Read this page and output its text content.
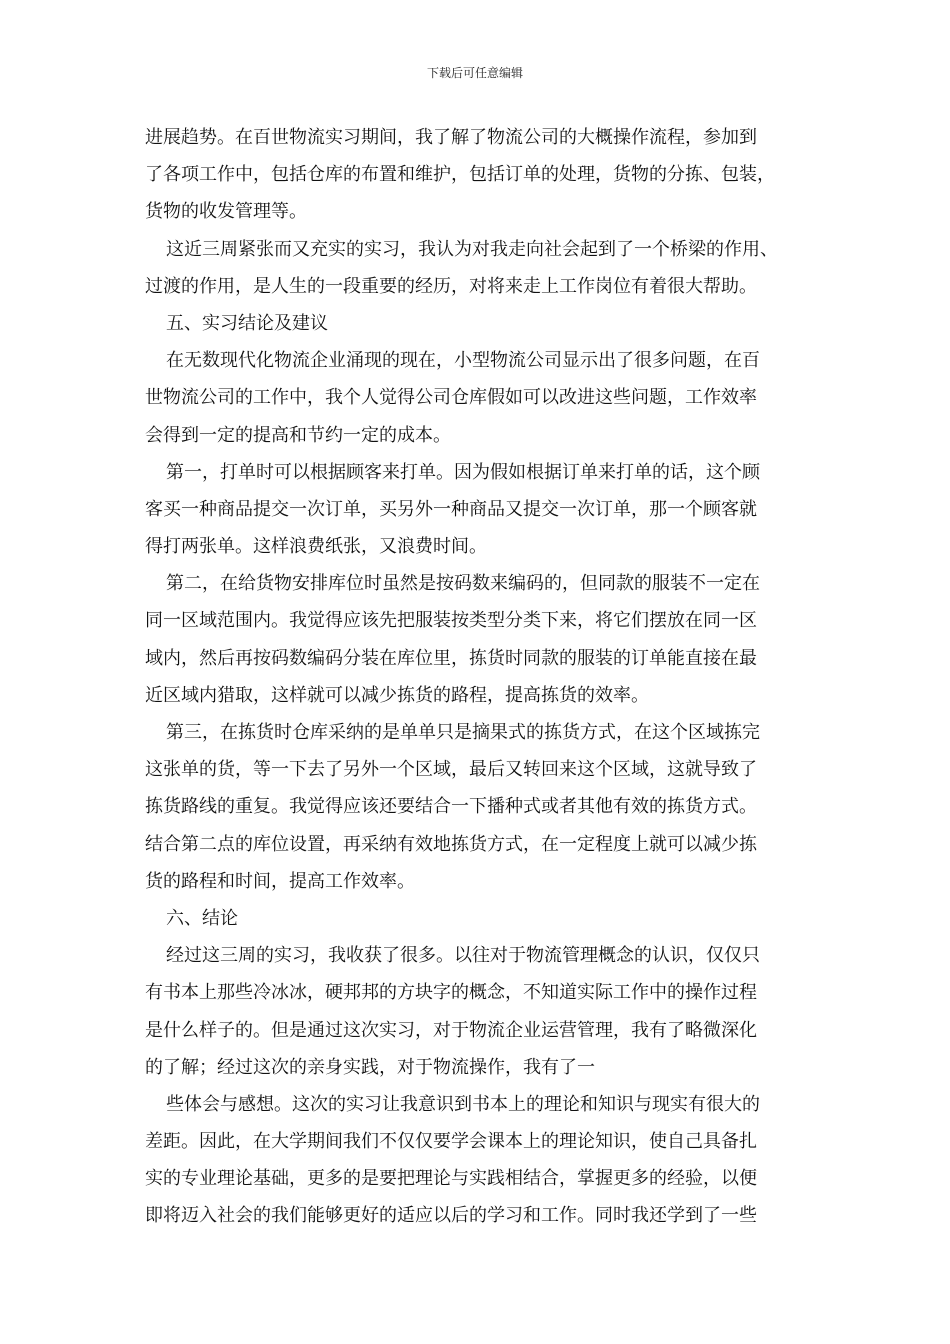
下载后可任意编辑
进展趋势。在百世物流实习期间，我了解了物流公司的大概操作流程，参加到
了各项工作中，包括仓库的布置和维护，包括订单的处理，货物的分拣、包装，
货物的收发管理等。
这近三周紧张而又充实的实习，我认为对我走向社会起到了一个桥梁的作用、
过渡的作用，是人生的一段重要的经历，对将来走上工作岗位有着很大帮助。
五、实习结论及建议
在无数现代化物流企业涌现的现在，小型物流公司显示出了很多问题，在百
世物流公司的工作中，我个人觉得公司仓库假如可以改进这些问题，工作效率
会得到一定的提高和节约一定的成本。
第一，打单时可以根据顾客来打单。因为假如根据订单来打单的话，这个顾
客买一种商品提交一次订单，买另外一种商品又提交一次订单，那一个顾客就
得打两张单。这样浪费纸张，又浪费时间。
第二，在给货物安排库位时虽然是按码数来编码的，但同款的服装不一定在
同一区域范围内。我觉得应该先把服装按类型分类下来，将它们摆放在同一区
域内，然后再按码数编码分装在库位里，拣货时同款的服装的订单能直接在最
近区域内猎取，这样就可以减少拣货的路程，提高拣货的效率。
第三，在拣货时仓库采纳的是单单只是摘果式的拣货方式，在这个区域拣完
这张单的货，等一下去了另外一个区域，最后又转回来这个区域，这就导致了
拣货路线的重复。我觉得应该还要结合一下播种式或者其他有效的拣货方式。
结合第二点的库位设置，再采纳有效地拣货方式，在一定程度上就可以减少拣
货的路程和时间，提高工作效率。
六、结论
经过这三周的实习，我收获了很多。以往对于物流管理概念的认识，仅仅只
有书本上那些冷冰冰，硬邦邦的方块字的概念，不知道实际工作中的操作过程
是什么样子的。但是通过这次实习，对于物流企业运营管理，我有了略微深化
的了解；经过这次的亲身实践，对于物流操作，我有了一
些体会与感想。这次的实习让我意识到书本上的理论和知识与现实有很大的
差距。因此，在大学期间我们不仅仅要学会课本上的理论知识，使自己具备扎
实的专业理论基础，更多的是要把理论与实践相结合，掌握更多的经验，以便
即将迈入社会的我们能够更好的适应以后的学习和工作。同时我还学到了一些
